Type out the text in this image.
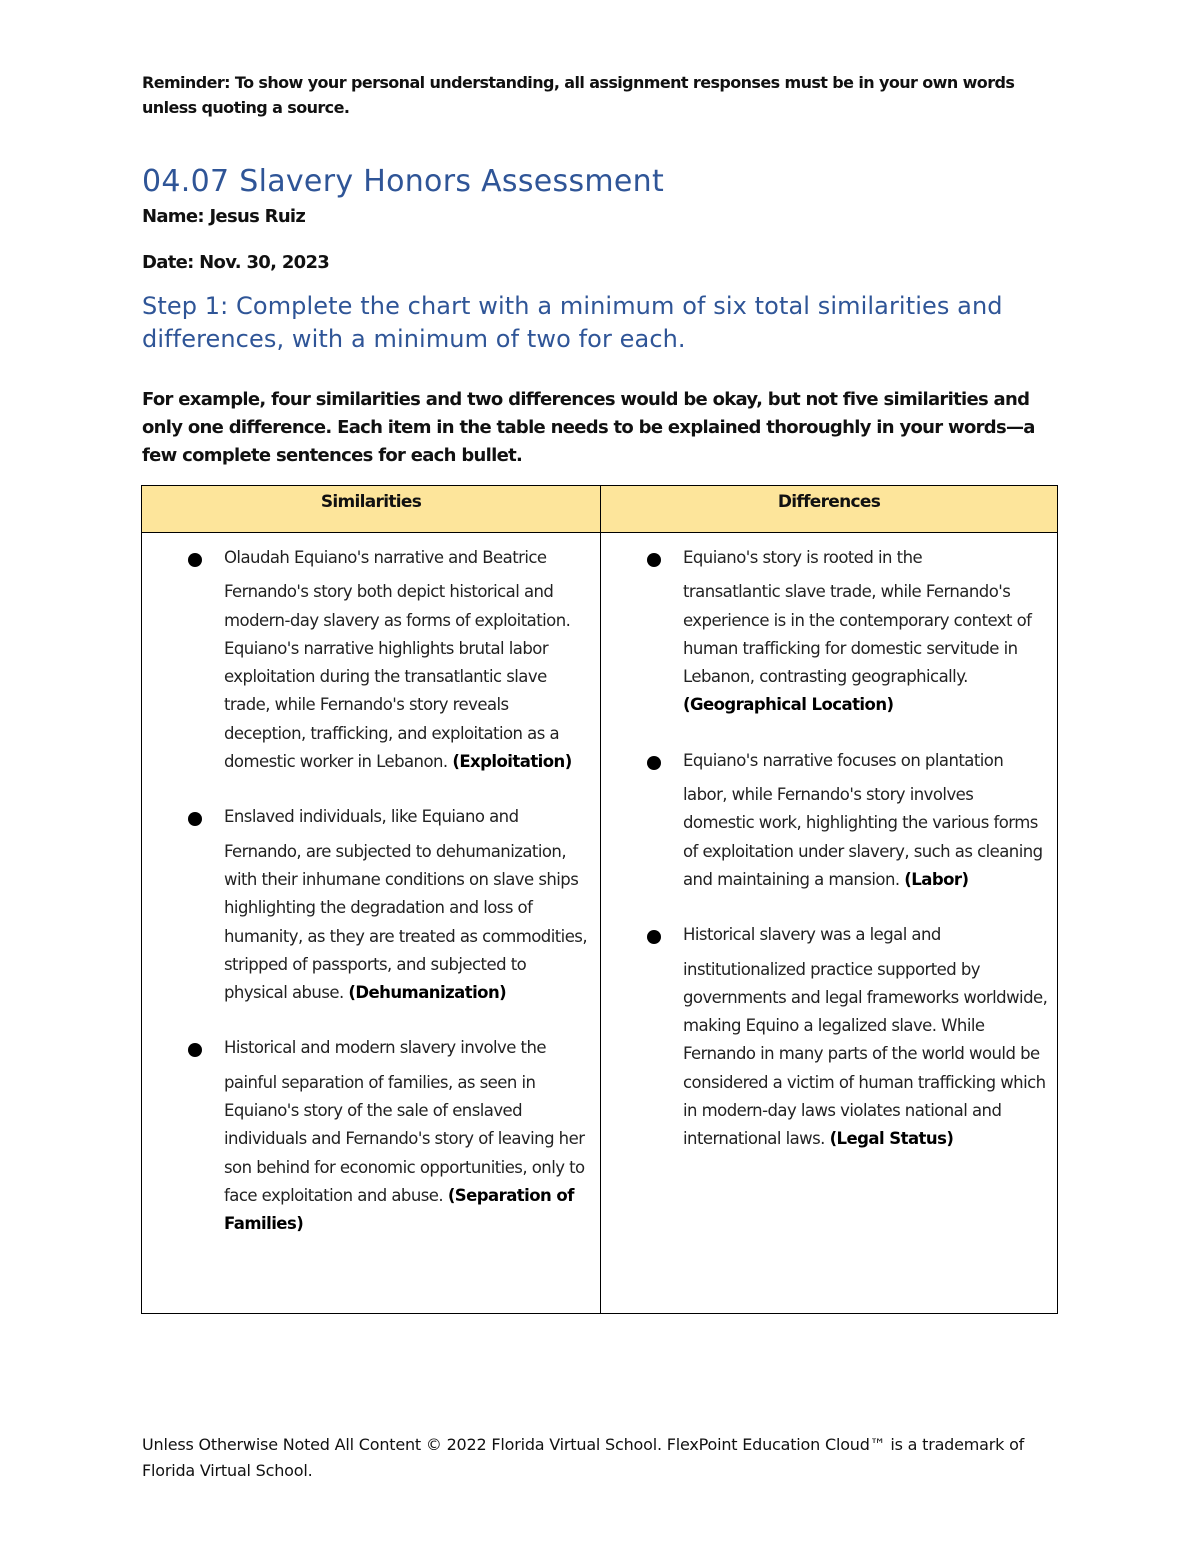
Reminder: To show your personal understanding, all assignment responses must be in your own words unless quoting a source.
04.07 Slavery Honors Assessment
Name: Jesus Ruiz
Date: Nov. 30, 2023
Step 1: Complete the chart with a minimum of six total similarities and differences, with a minimum of two for each.
For example, four similarities and two differences would be okay, but not five similarities and only one difference. Each item in the table needs to be explained thoroughly in your words—a few complete sentences for each bullet.
Similarities	Differences
Olaudah Equiano's narrative and Beatrice
Fernando's story both depict historical and modern-day slavery as forms of exploitation. Equiano's narrative highlights brutal labor exploitation during the transatlantic slave trade, while Fernando's story reveals deception, trafficking, and exploitation as a domestic worker in Lebanon. (Exploitation)
Enslaved individuals, like Equiano and
Fernando, are subjected to dehumanization, with their inhumane conditions on slave ships highlighting the degradation and loss of humanity, as they are treated as commodities, stripped of passports, and subjected to physical abuse. (Dehumanization)
Historical and modern slavery involve the
painful separation of families, as seen in Equiano's story of the sale of enslaved individuals and Fernando's story of leaving her son behind for economic opportunities, only to face exploitation and abuse. (Separation of Families)
Equiano's story is rooted in the
transatlantic slave trade, while Fernando's experience is in the contemporary context of human trafficking for domestic servitude in Lebanon, contrasting geographically. (Geographical Location)
Equiano's narrative focuses on plantation
labor, while Fernando's story involves domestic work, highlighting the various forms of exploitation under slavery, such as cleaning and maintaining a mansion. (Labor)
Historical slavery was a legal and
institutionalized practice supported by governments and legal frameworks worldwide, making Equino a legalized slave. While Fernando in many parts of the world would be considered a victim of human trafficking which in modern-day laws violates national and international laws. (Legal Status)
Unless Otherwise Noted All Content © 2022 Florida Virtual School. FlexPoint Education Cloud™ is a trademark of Florida Virtual School.
